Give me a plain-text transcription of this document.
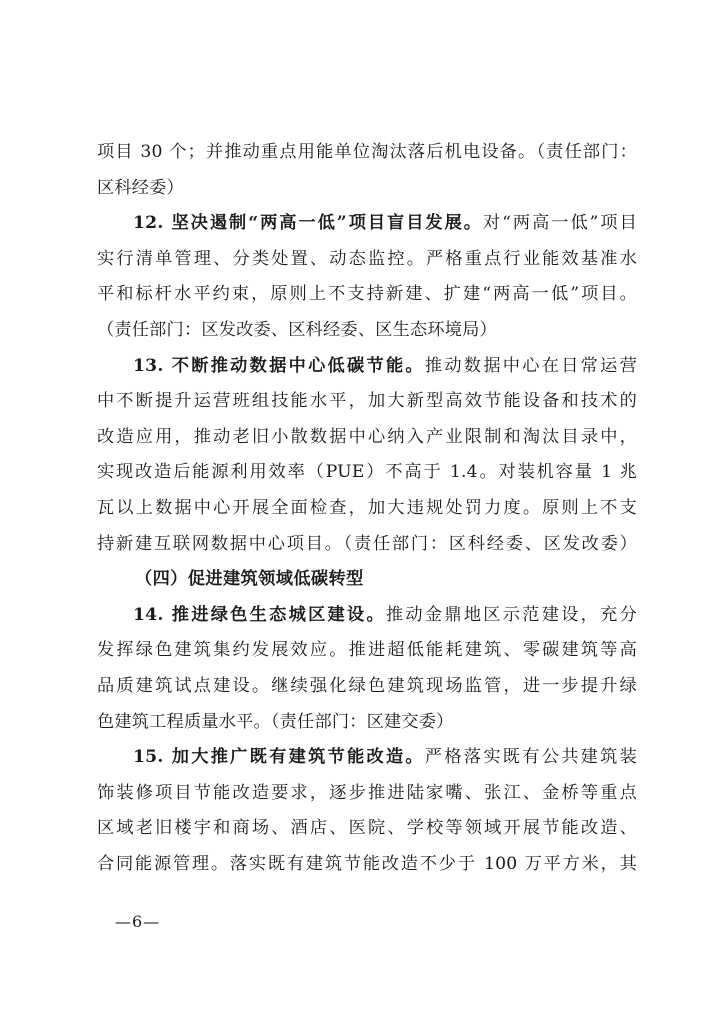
项目 30 个；并推动重点用能单位淘汰落后机电设备。（责任部门：
区科经委）
12. 坚决遏制“两高一低”项目盲目发展。对“两高一低”项目
实行清单管理、分类处置、动态监控。严格重点行业能效基准水
平和标杆水平约束，原则上不支持新建、扩建“两高一低”项目。
（责任部门：区发改委、区科经委、区生态环境局）
13. 不断推动数据中心低碳节能。推动数据中心在日常运营
中不断提升运营班组技能水平，加大新型高效节能设备和技术的
改造应用，推动老旧小散数据中心纳入产业限制和淘汰目录中，
实现改造后能源利用效率（PUE）不高于 1.4。对装机容量 1 兆
瓦以上数据中心开展全面检查，加大违规处罚力度。原则上不支
持新建互联网数据中心项目。（责任部门：区科经委、区发改委）
（四）促进建筑领域低碳转型
14. 推进绿色生态城区建设。推动金鼎地区示范建设，充分
发挥绿色建筑集约发展效应。推进超低能耗建筑、零碳建筑等高
品质建筑试点建设。继续强化绿色建筑现场监管，进一步提升绿
色建筑工程质量水平。（责任部门：区建交委）
15. 加大推广既有建筑节能改造。严格落实既有公共建筑装
饰装修项目节能改造要求，逐步推进陆家嘴、张江、金桥等重点
区域老旧楼宇和商场、酒店、医院、学校等领域开展节能改造、
合同能源管理。落实既有建筑节能改造不少于 100 万平方米，其
—6—
